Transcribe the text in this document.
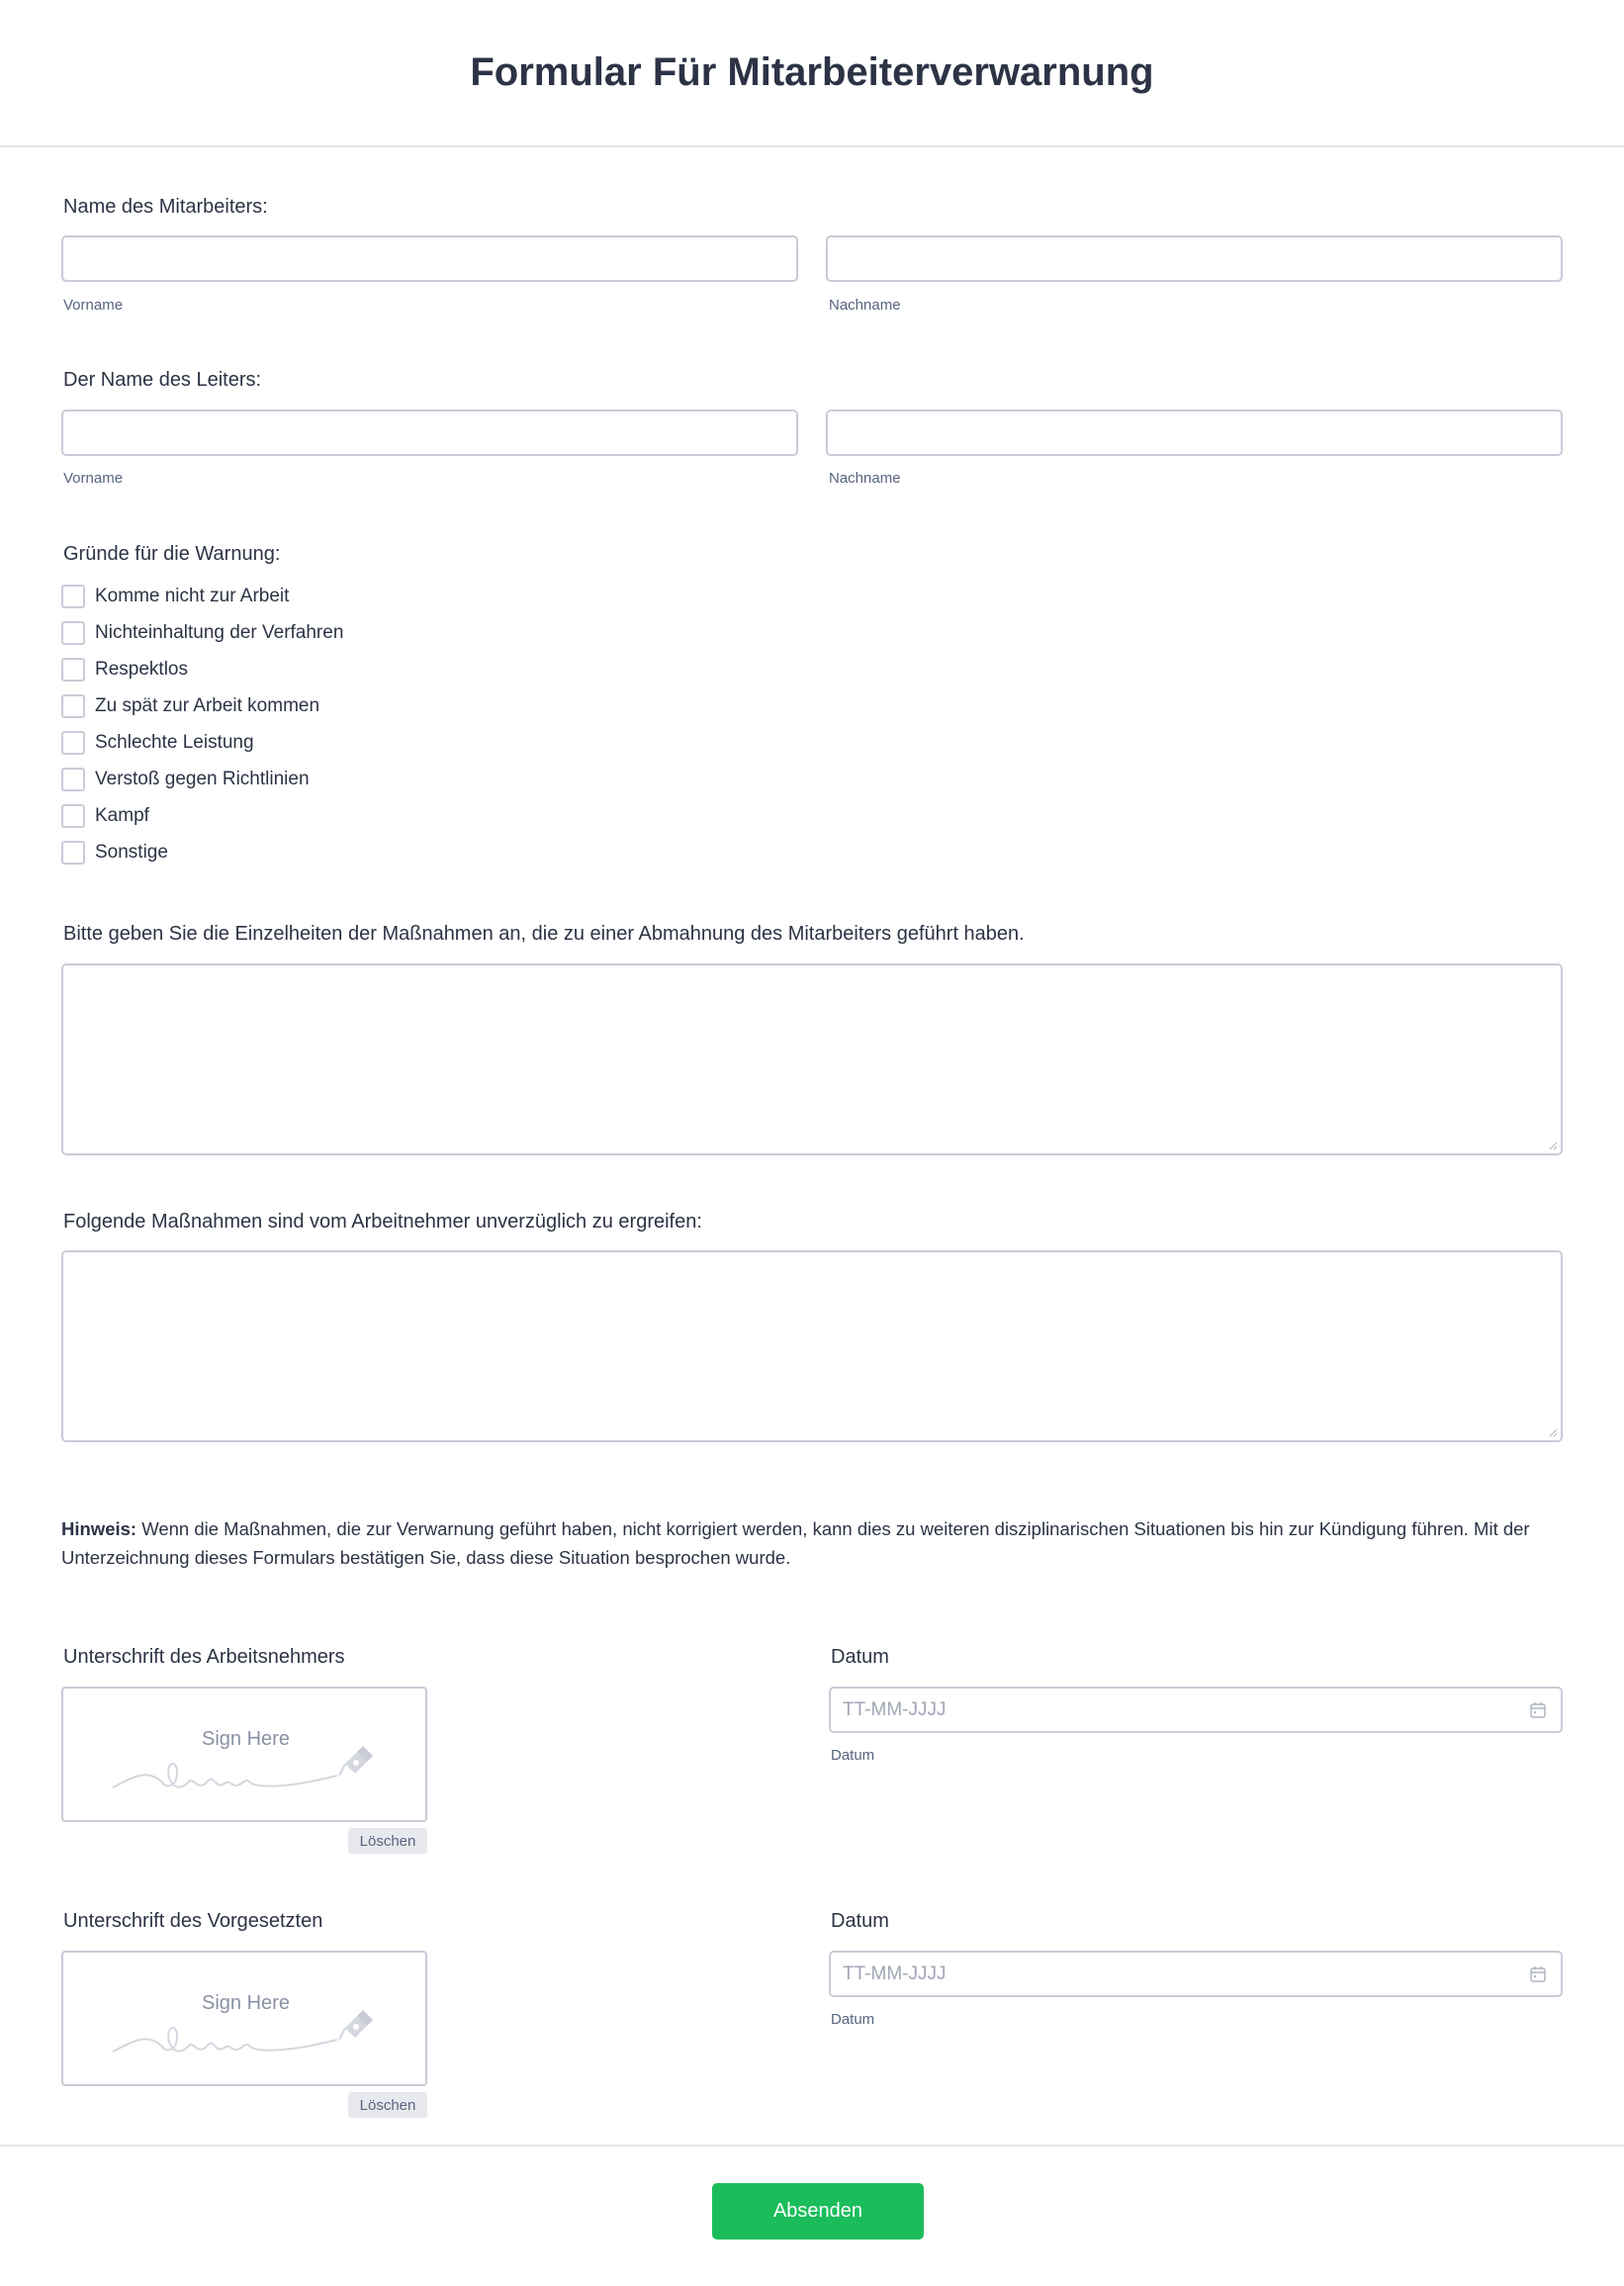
Formular Für Mitarbeiterverwarnung
Name des Mitarbeiters:
Vorname	Nachname
Der Name des Leiters:
Vorname	Nachname
Gründe für die Warnung:
Komme nicht zur Arbeit
Nichteinhaltung der Verfahren
Respektlos
Zu spät zur Arbeit kommen
Schlechte Leistung
Verstoß gegen Richtlinien
Kampf
Sonstige
Bitte geben Sie die Einzelheiten der Maßnahmen an, die zu einer Abmahnung des Mitarbeiters geführt haben.
Folgende Maßnahmen sind vom Arbeitnehmer unverzüglich zu ergreifen:
Hinweis: Wenn die Maßnahmen, die zur Verwarnung geführt haben, nicht korrigiert werden, kann dies zu weiteren disziplinarischen Situationen bis hin zur Kündigung führen. Mit der Unterzeichnung dieses Formulars bestätigen Sie, dass diese Situation besprochen wurde.
Unterschrift des Arbeitsnehmers
Sign Here
Löschen
Datum
TT-MM-JJJJ
Datum
Unterschrift des Vorgesetzten
Sign Here
Löschen
Datum
TT-MM-JJJJ
Datum
Absenden
